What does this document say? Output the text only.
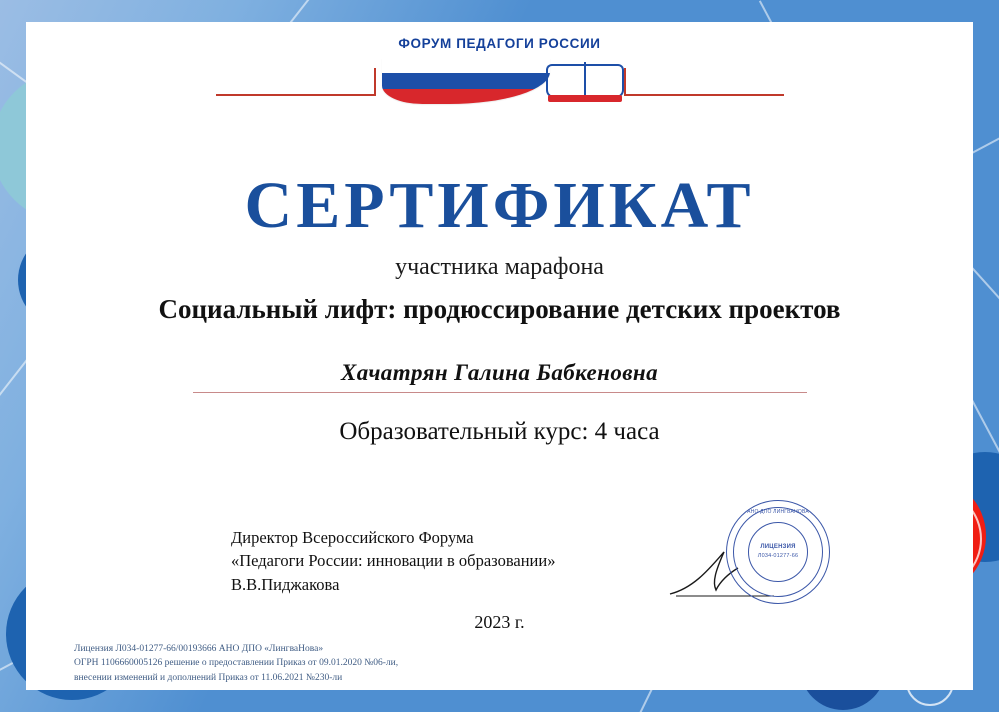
ФОРУМ ПЕДАГОГИ РОССИИ
СЕРТИФИКАТ
участника марафона
Социальный лифт: продюссирование детских проектов
Хачатрян Галина Бабкеновна
Образовательный курс: 4 часа
Директор Всероссийского Форума
«Педагоги России: инновации в образовании»
В.В.Пиджакова
АНО ДПО ЛИНГВАНОВА
ЛИЦЕНЗИЯ
Л034-01277-66
2023 г.
Лицензия Л034-01277-66/00193666 АНО ДПО «ЛингваНова»
ОГРН 1106660005126 решение о предоставлении Приказ от 09.01.2020 №06-ли,
внесении изменений и дополнений Приказ от 11.06.2021 №230-ли
